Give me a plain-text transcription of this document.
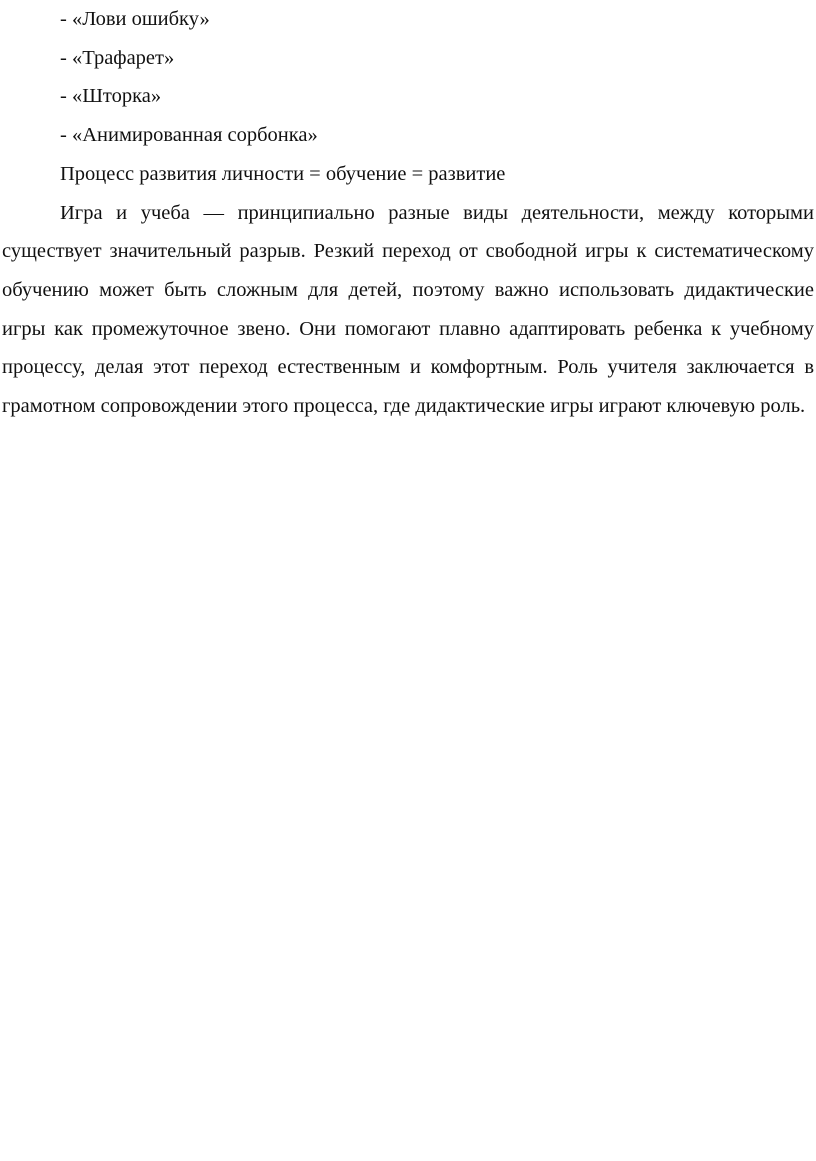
- «Лови ошибку»
- «Трафарет»
- «Шторка»
- «Анимированная сорбонка»

Процесс развития личности = обучение = развитие

Игра и учеба — принципиально разные виды деятельности, между которыми существует значительный разрыв. Резкий переход от свободной игры к систематическому обучению может быть сложным для детей, поэтому важно использовать дидактические игры как промежуточное звено. Они помогают плавно адаптировать ребенка к учебному процессу, делая этот переход естественным и комфортным. Роль учителя заключается в грамотном сопровождении этого процесса, где дидактические игры играют ключевую роль.
